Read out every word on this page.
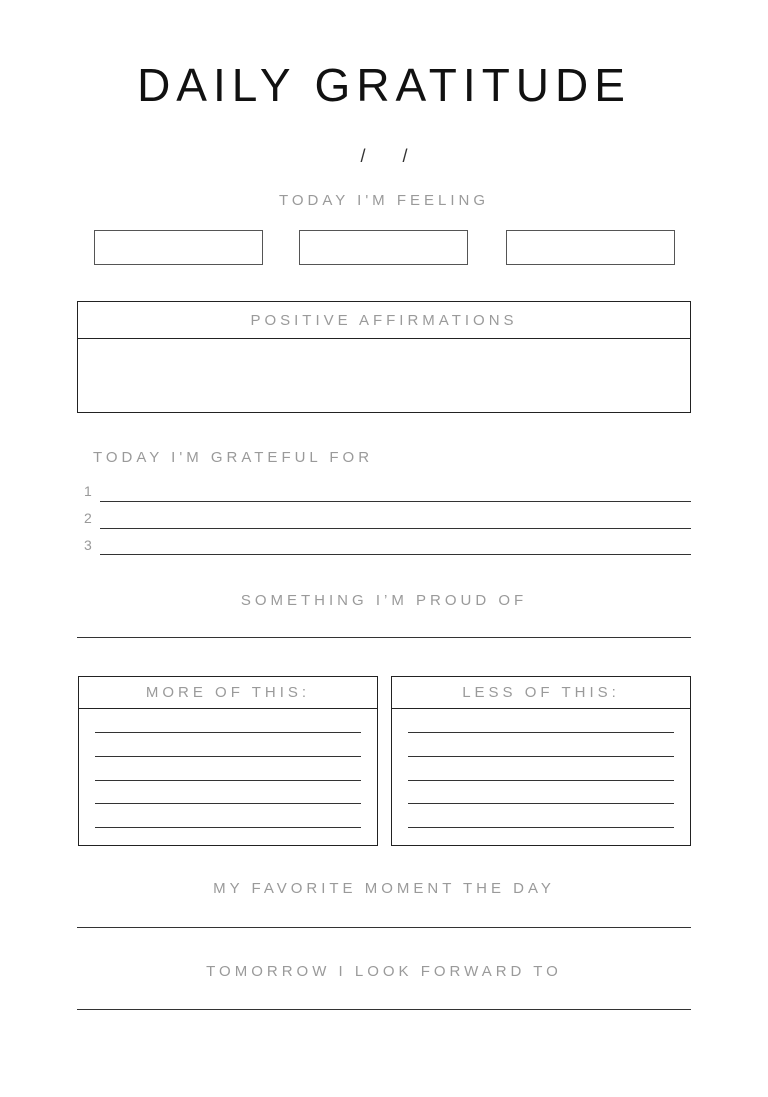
DAILY GRATITUDE
/ /
TODAY I'M FEELING
POSITIVE AFFIRMATIONS
TODAY I'M GRATEFUL FOR
1
2
3
SOMETHING I’M PROUD OF
MORE OF THIS:	LESS OF THIS:
MY FAVORITE MOMENT THE DAY
TOMORROW I LOOK FORWARD TO
